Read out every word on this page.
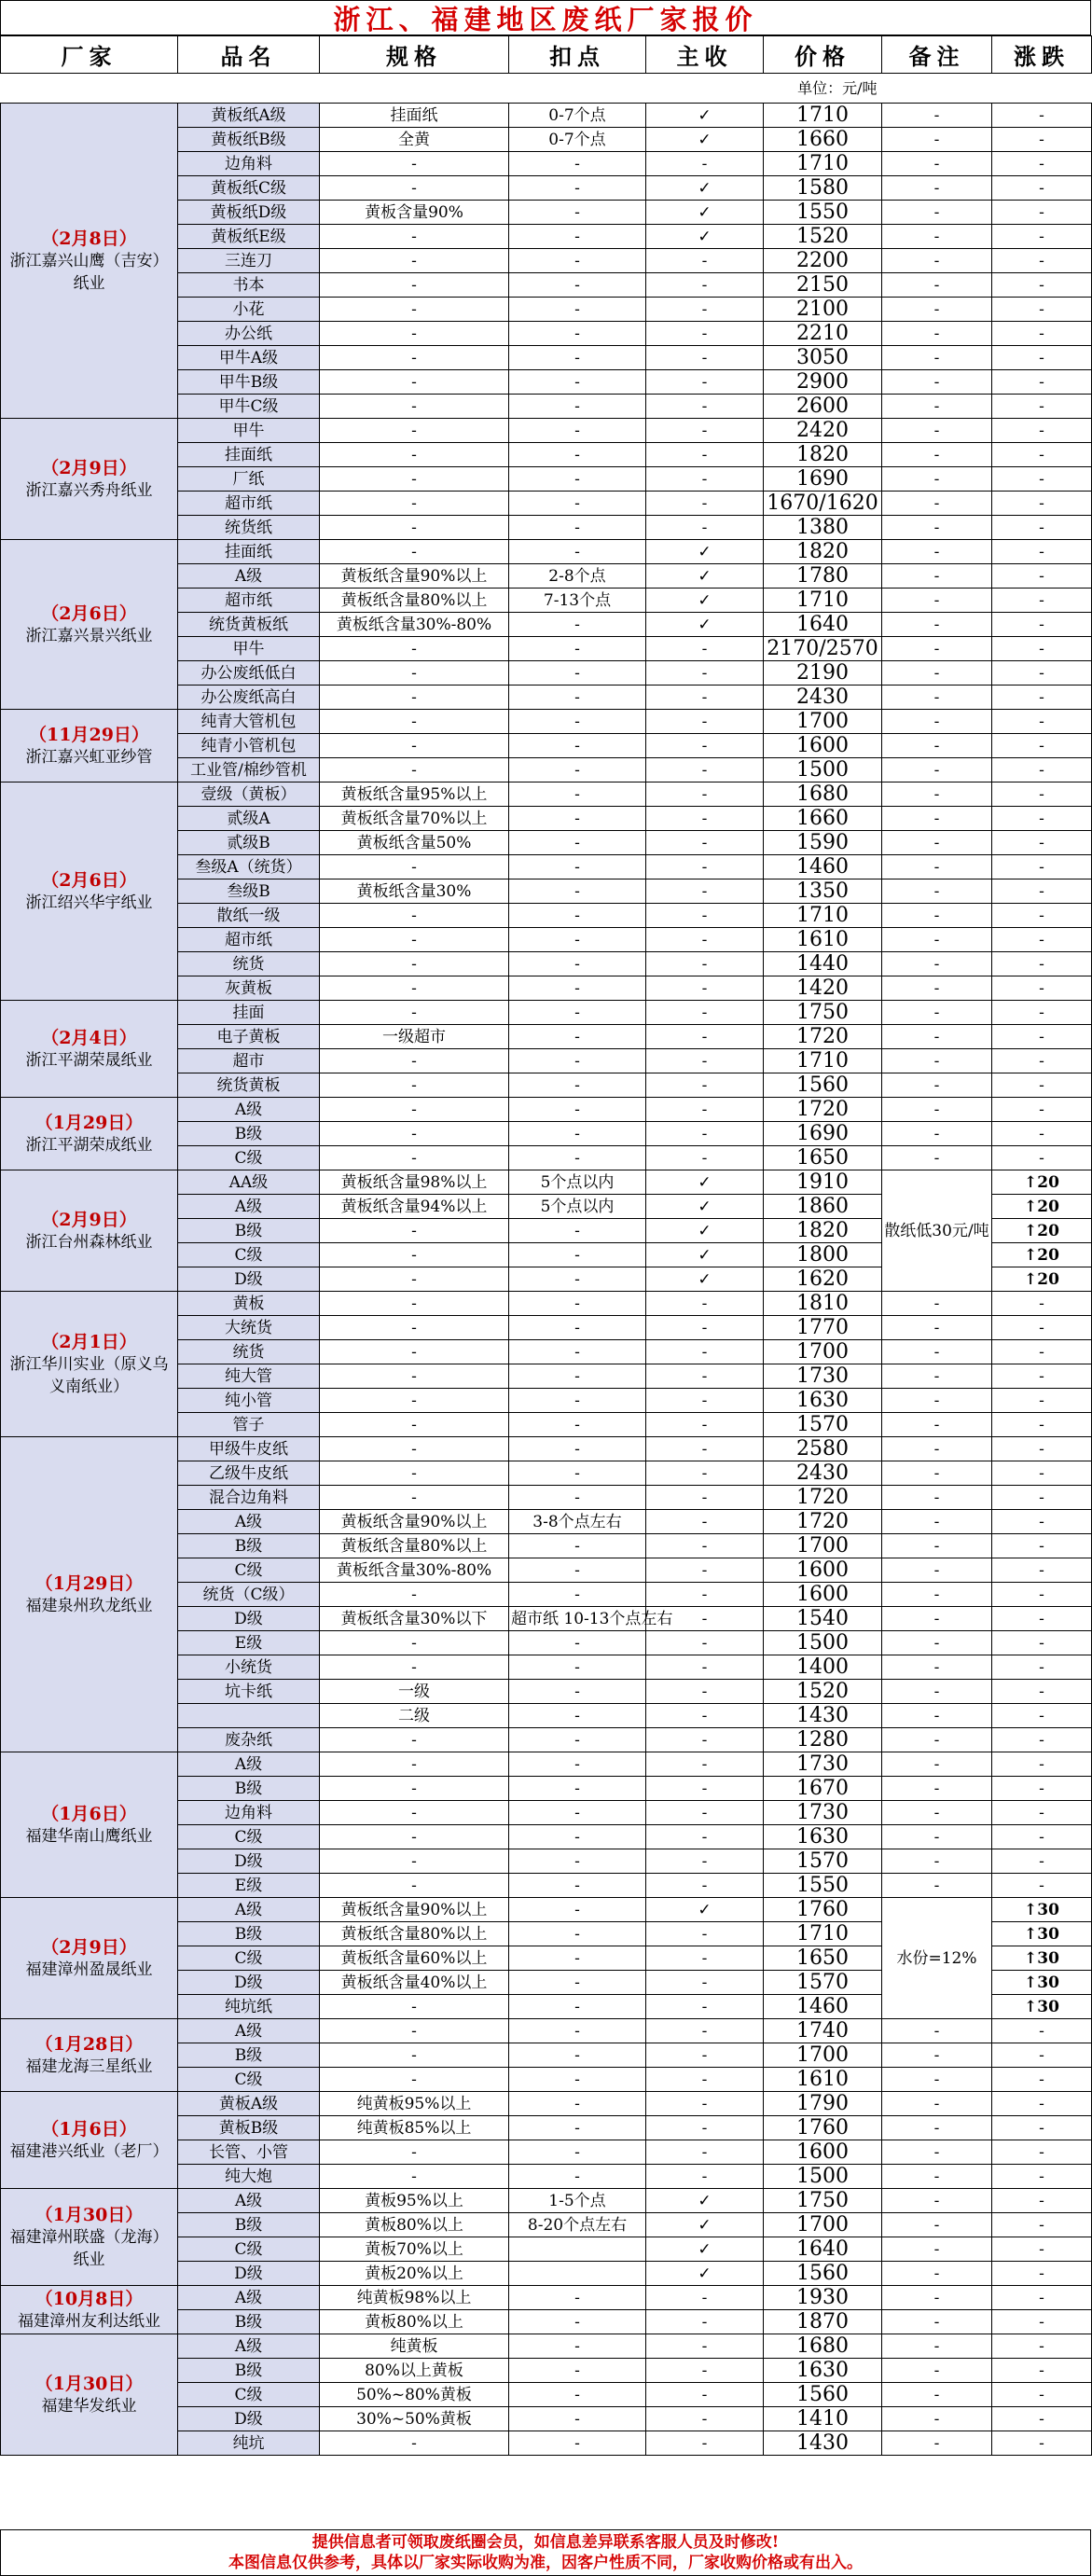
浙江、福建地区废纸厂家报价
厂家	品名	规格	扣点	主收	价格	备注	涨跌
单位：元/吨							

（2月8日）
浙江嘉兴山鹰（吉安）纸业	黄板纸A级	挂面纸	0-7个点	✓	1710	-	-
	黄板纸B级	全黄	0-7个点	✓	1660	-	-
	边角料	-	-	-	1710	-	-
	黄板纸C级	-	-	✓	1580	-	-
	黄板纸D级	黄板含量90%	-	✓	1550	-	-
	黄板纸E级	-	-	✓	1520	-	-
	三连刀	-	-	-	2200	-	-
	书本	-	-	-	2150	-	-
	小花	-	-	-	2100	-	-
	办公纸	-	-	-	2210	-	-
	甲牛A级	-	-	-	3050	-	-
	甲牛B级	-	-	-	2900	-	-
	甲牛C级	-	-	-	2600	-	-

（2月9日）
浙江嘉兴秀舟纸业	甲牛	-	-	-	2420	-	-
	挂面纸	-	-	-	1820	-	-
	厂纸	-	-	-	1690	-	-
	超市纸	-	-	-	1670/1620	-	-
	统货纸	-	-	-	1380	-	-

（2月6日）
浙江嘉兴景兴纸业	挂面纸	-	-	✓	1820	-	-
	A级	黄板纸含量90%以上	2-8个点	✓	1780	-	-
	超市纸	黄板纸含量80%以上	7-13个点	✓	1710	-	-
	统货黄板纸	黄板纸含量30%-80%	-	✓	1640	-	-
	甲牛	-	-	-	2170/2570	-	-
	办公废纸低白	-	-	-	2190	-	-
	办公废纸高白	-	-	-	2430	-	-

（11月29日）
浙江嘉兴虹亚纱管	纯青大管机包	-	-	-	1700	-	-
	纯青小管机包	-	-	-	1600	-	-
	工业管/棉纱管机	-	-	-	1500	-	-

（2月6日）
浙江绍兴华宇纸业	壹级（黄板）	黄板纸含量95%以上	-	-	1680	-	-
	贰级A	黄板纸含量70%以上	-	-	1660	-	-
	贰级B	黄板纸含量50%	-	-	1590	-	-
	叁级A（统货）	-	-	-	1460	-	-
	叁级B	黄板纸含量30%	-	-	1350	-	-
	散纸一级	-	-	-	1710	-	-
	超市纸	-	-	-	1610	-	-
	统货	-	-	-	1440	-	-
	灰黄板	-	-	-	1420	-	-

（2月4日）
浙江平湖荣晟纸业	挂面	-	-	-	1750	-	-
	电子黄板	一级超市	-	-	1720	-	-
	超市	-	-	-	1710	-	-
	统货黄板	-	-	-	1560	-	-

（1月29日）
浙江平湖荣成纸业	A级	-	-	-	1720	-	-
	B级	-	-	-	1690	-	-
	C级	-	-	-	1650	-	-

（2月9日）
浙江台州森林纸业	AA级	黄板纸含量98%以上	5个点以内	✓	1910	散纸低30元/吨	↑20
	A级	黄板纸含量94%以上	5个点以内	✓	1860		↑20
	B级	-	-	✓	1820		↑20
	C级	-	-	✓	1800		↑20
	D级	-	-	✓	1620		↑20

（2月1日）
浙江华川实业（原义乌义南纸业）	黄板	-	-	-	1810	-	-
	大统货	-	-	-	1770	-	-
	统货	-	-	-	1700	-	-
	纯大管	-	-	-	1730	-	-
	纯小管	-	-	-	1630	-	-
	管子	-	-	-	1570	-	-

（1月29日）
福建泉州玖龙纸业	甲级牛皮纸	-	-	-	2580	-	-
	乙级牛皮纸	-	-	-	2430	-	-
	混合边角料	-	-	-	1720	-	-
	A级	黄板纸含量90%以上	3-8个点左右	-	1720	-	-
	B级	黄板纸含量80%以上	-	-	1700	-	-
	C级	黄板纸含量30%-80%	-	-	1600	-	-
	统货（C级）	-	-	-	1600	-	-
	D级	黄板纸含量30%以下	超市纸 10-13个点左右	-	1540	-	-
	E级	-	-	-	1500	-	-
	小统货	-	-	-	1400	-	-
	坑卡纸	一级	-	-	1520	-	-
		二级	-	-	1430	-	-
	废杂纸	-	-	-	1280	-	-

（1月6日）
福建华南山鹰纸业	A级	-	-	-	1730	-	-
	B级	-	-	-	1670	-	-
	边角料	-	-	-	1730	-	-
	C级	-	-	-	1630	-	-
	D级	-	-	-	1570	-	-
	E级	-	-	-	1550	-	-

（2月9日）
福建漳州盈晟纸业	A级	黄板纸含量90%以上	-	✓	1760	水份=12%	↑30
	B级	黄板纸含量80%以上	-	-	1710		↑30
	C级	黄板纸含量60%以上	-	-	1650		↑30
	D级	黄板纸含量40%以上	-	-	1570		↑30
	纯坑纸	-	-	-	1460		↑30

（1月28日）
福建龙海三星纸业	A级	-	-	-	1740	-	-
	B级	-	-	-	1700	-	-
	C级	-	-	-	1610	-	-

（1月6日）
福建港兴纸业（老厂）	黄板A级	纯黄板95%以上	-	-	1790	-	-
	黄板B级	纯黄板85%以上	-	-	1760	-	-
	长管、小管	-	-	-	1600	-	-
	纯大炮	-	-	-	1500	-	-

（1月30日）
福建漳州联盛（龙海）纸业	A级	黄板95%以上	1-5个点	✓	1750	-	-
	B级	黄板80%以上	8-20个点左右	✓	1700	-	-
	C级	黄板70%以上		✓	1640	-	-
	D级	黄板20%以上		✓	1560	-	-

（10月8日）
福建漳州友利达纸业	A级	纯黄板98%以上	-	-	1930	-	-
	B级	黄板80%以上	-	-	1870	-	-

（1月30日）
福建华发纸业	A级	纯黄板	-	-	1680	-	-
	B级	80%以上黄板	-	-	1630	-	-
	C级	50%~80%黄板	-	-	1560	-	-
	D级	30%~50%黄板	-	-	1410	-	-
	纯坑	-	-	-	1430	-	-
提供信息者可领取废纸圈会员，如信息差异联系客服人员及时修改!
本图信息仅供参考，具体以厂家实际收购为准，因客户性质不同，厂家收购价格或有出入。
